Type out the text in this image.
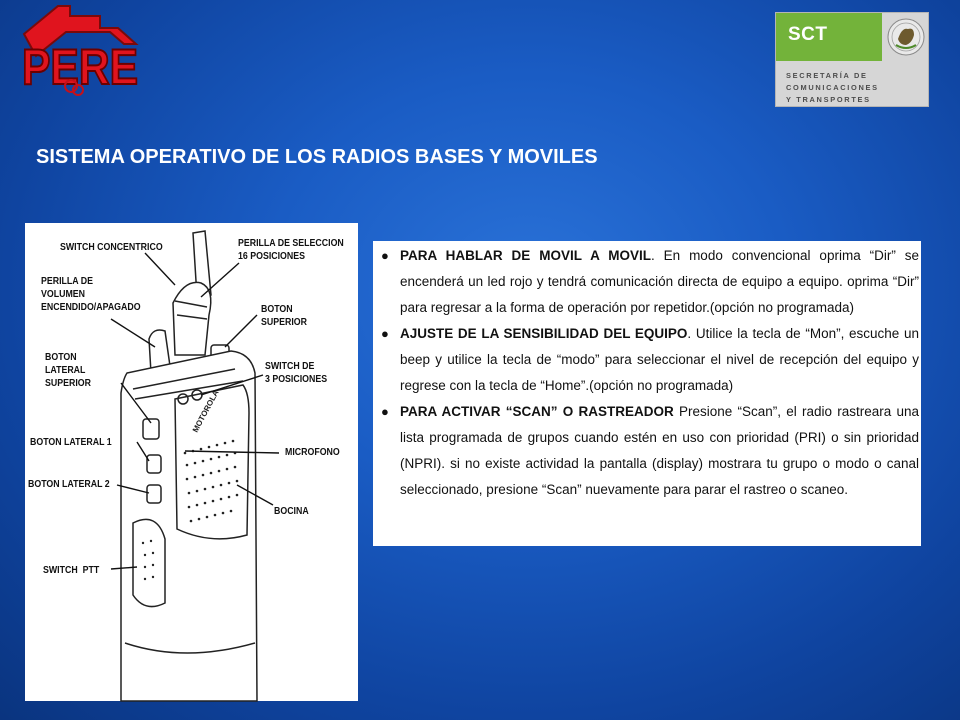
PERE
SCT
SECRETARÍA DE
COMUNICACIONES
Y TRANSPORTES
SISTEMA OPERATIVO DE LOS RADIOS BASES Y MOVILES
MOTOROLA
SWITCH CONCENTRICO	PERILLA DE SELECCION
16 POSICIONES
PERILLA DE
VOLUMEN
ENCENDIDO/APAGADO	BOTON
SUPERIOR
BOTON
LATERAL
SUPERIOR
SWITCH DE
3 POSICIONES
BOTON LATERAL 1
MICROFONO
BOTON LATERAL 2
BOCINA
SWITCH  PTT
● PARA HABLAR DE MOVIL A MOVIL. En modo convencional oprima “Dir” se encenderá un led rojo y tendrá comunicación directa de equipo a equipo. oprima “Dir” para regresar a la forma de operación por repetidor.(opción no programada)
● AJUSTE DE LA SENSIBILIDAD DEL EQUIPO. Utilice la tecla de “Mon”, escuche un beep y utilice la tecla de “modo” para seleccionar el nivel de recepción del equipo y regrese con la tecla de “Home”.(opción no programada)
● PARA ACTIVAR “SCAN” O RASTREADOR Presione “Scan”, el radio rastreara una lista programada de grupos cuando estén en uso con prioridad (PRI) o sin prioridad (NPRI). si no existe actividad la pantalla (display) mostrara tu grupo o modo o canal seleccionado, presione “Scan” nuevamente para parar el rastreo o scaneo.
